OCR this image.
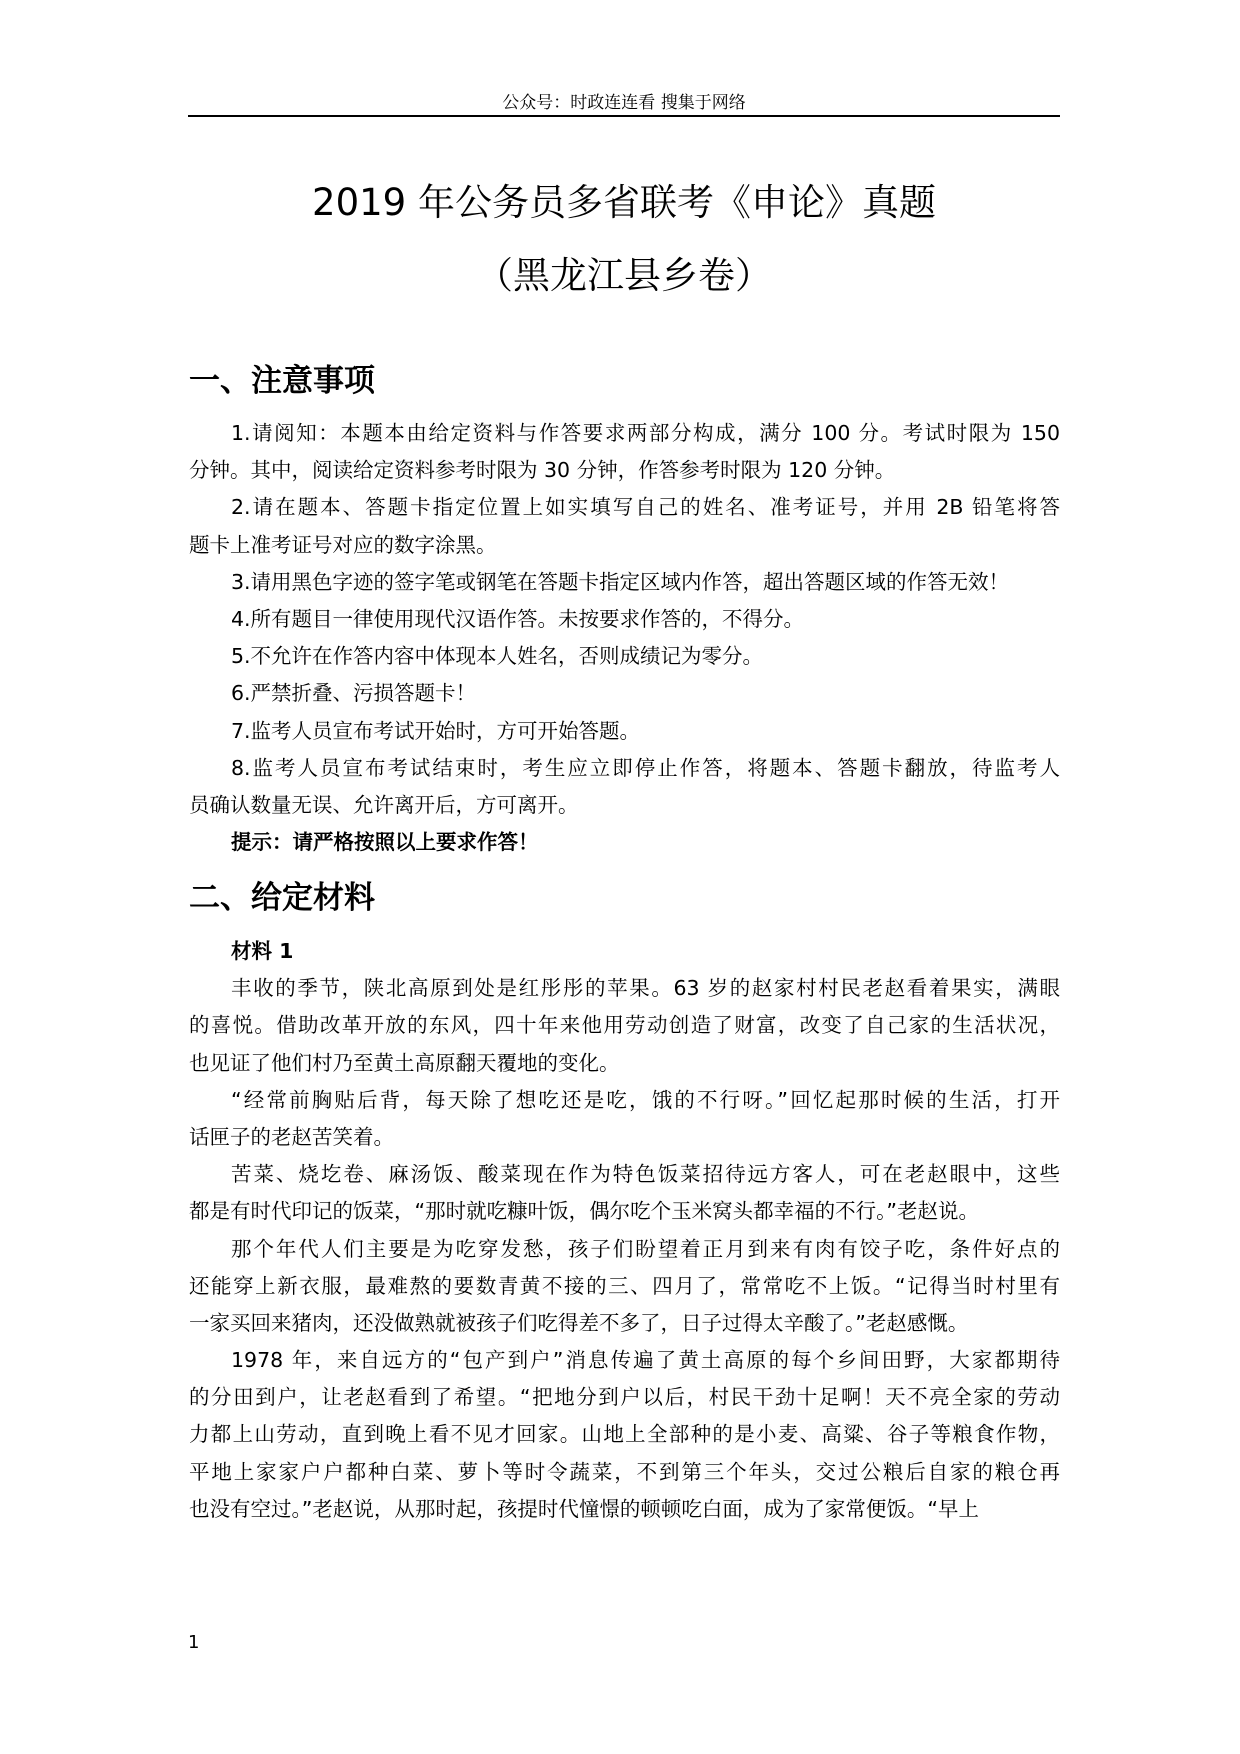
公众号：时政连连看 搜集于网络
2019 年公务员多省联考《申论》真题
（黑龙江县乡卷）
一、注意事项
1.请阅知：本题本由给定资料与作答要求两部分构成，满分 100 分。考试时限为 150
分钟。其中，阅读给定资料参考时限为 30 分钟，作答参考时限为 120 分钟。
2.请在题本、答题卡指定位置上如实填写自己的姓名、准考证号，并用 2B 铅笔将答
题卡上准考证号对应的数字涂黑。
3.请用黑色字迹的签字笔或钢笔在答题卡指定区域内作答，超出答题区域的作答无效！
4.所有题目一律使用现代汉语作答。未按要求作答的，不得分。
5.不允许在作答内容中体现本人姓名，否则成绩记为零分。
6.严禁折叠、污损答题卡！
7.监考人员宣布考试开始时，方可开始答题。
8.监考人员宣布考试结束时，考生应立即停止作答，将题本、答题卡翻放，待监考人
员确认数量无误、允许离开后，方可离开。
提示：请严格按照以上要求作答！
二、给定材料
材料 1
丰收的季节，陕北高原到处是红彤彤的苹果。63 岁的赵家村村民老赵看着果实，满眼
的喜悦。借助改革开放的东风，四十年来他用劳动创造了财富，改变了自己家的生活状况，
也见证了他们村乃至黄土高原翻天覆地的变化。
“经常前胸贴后背，每天除了想吃还是吃，饿的不行呀。”回忆起那时候的生活，打开
话匣子的老赵苦笑着。
苦菜、烧圪卷、麻汤饭、酸菜现在作为特色饭菜招待远方客人，可在老赵眼中，这些
都是有时代印记的饭菜，“那时就吃糠叶饭，偶尔吃个玉米窝头都幸福的不行。”老赵说。
那个年代人们主要是为吃穿发愁，孩子们盼望着正月到来有肉有饺子吃，条件好点的
还能穿上新衣服，最难熬的要数青黄不接的三、四月了，常常吃不上饭。“记得当时村里有
一家买回来猪肉，还没做熟就被孩子们吃得差不多了，日子过得太辛酸了。”老赵感慨。
1978 年，来自远方的“包产到户”消息传遍了黄土高原的每个乡间田野，大家都期待
的分田到户，让老赵看到了希望。“把地分到户以后，村民干劲十足啊！天不亮全家的劳动
力都上山劳动，直到晚上看不见才回家。山地上全部种的是小麦、高粱、谷子等粮食作物，
平地上家家户户都种白菜、萝卜等时令蔬菜，不到第三个年头，交过公粮后自家的粮仓再
也没有空过。”老赵说，从那时起，孩提时代憧憬的顿顿吃白面，成为了家常便饭。“早上
1
